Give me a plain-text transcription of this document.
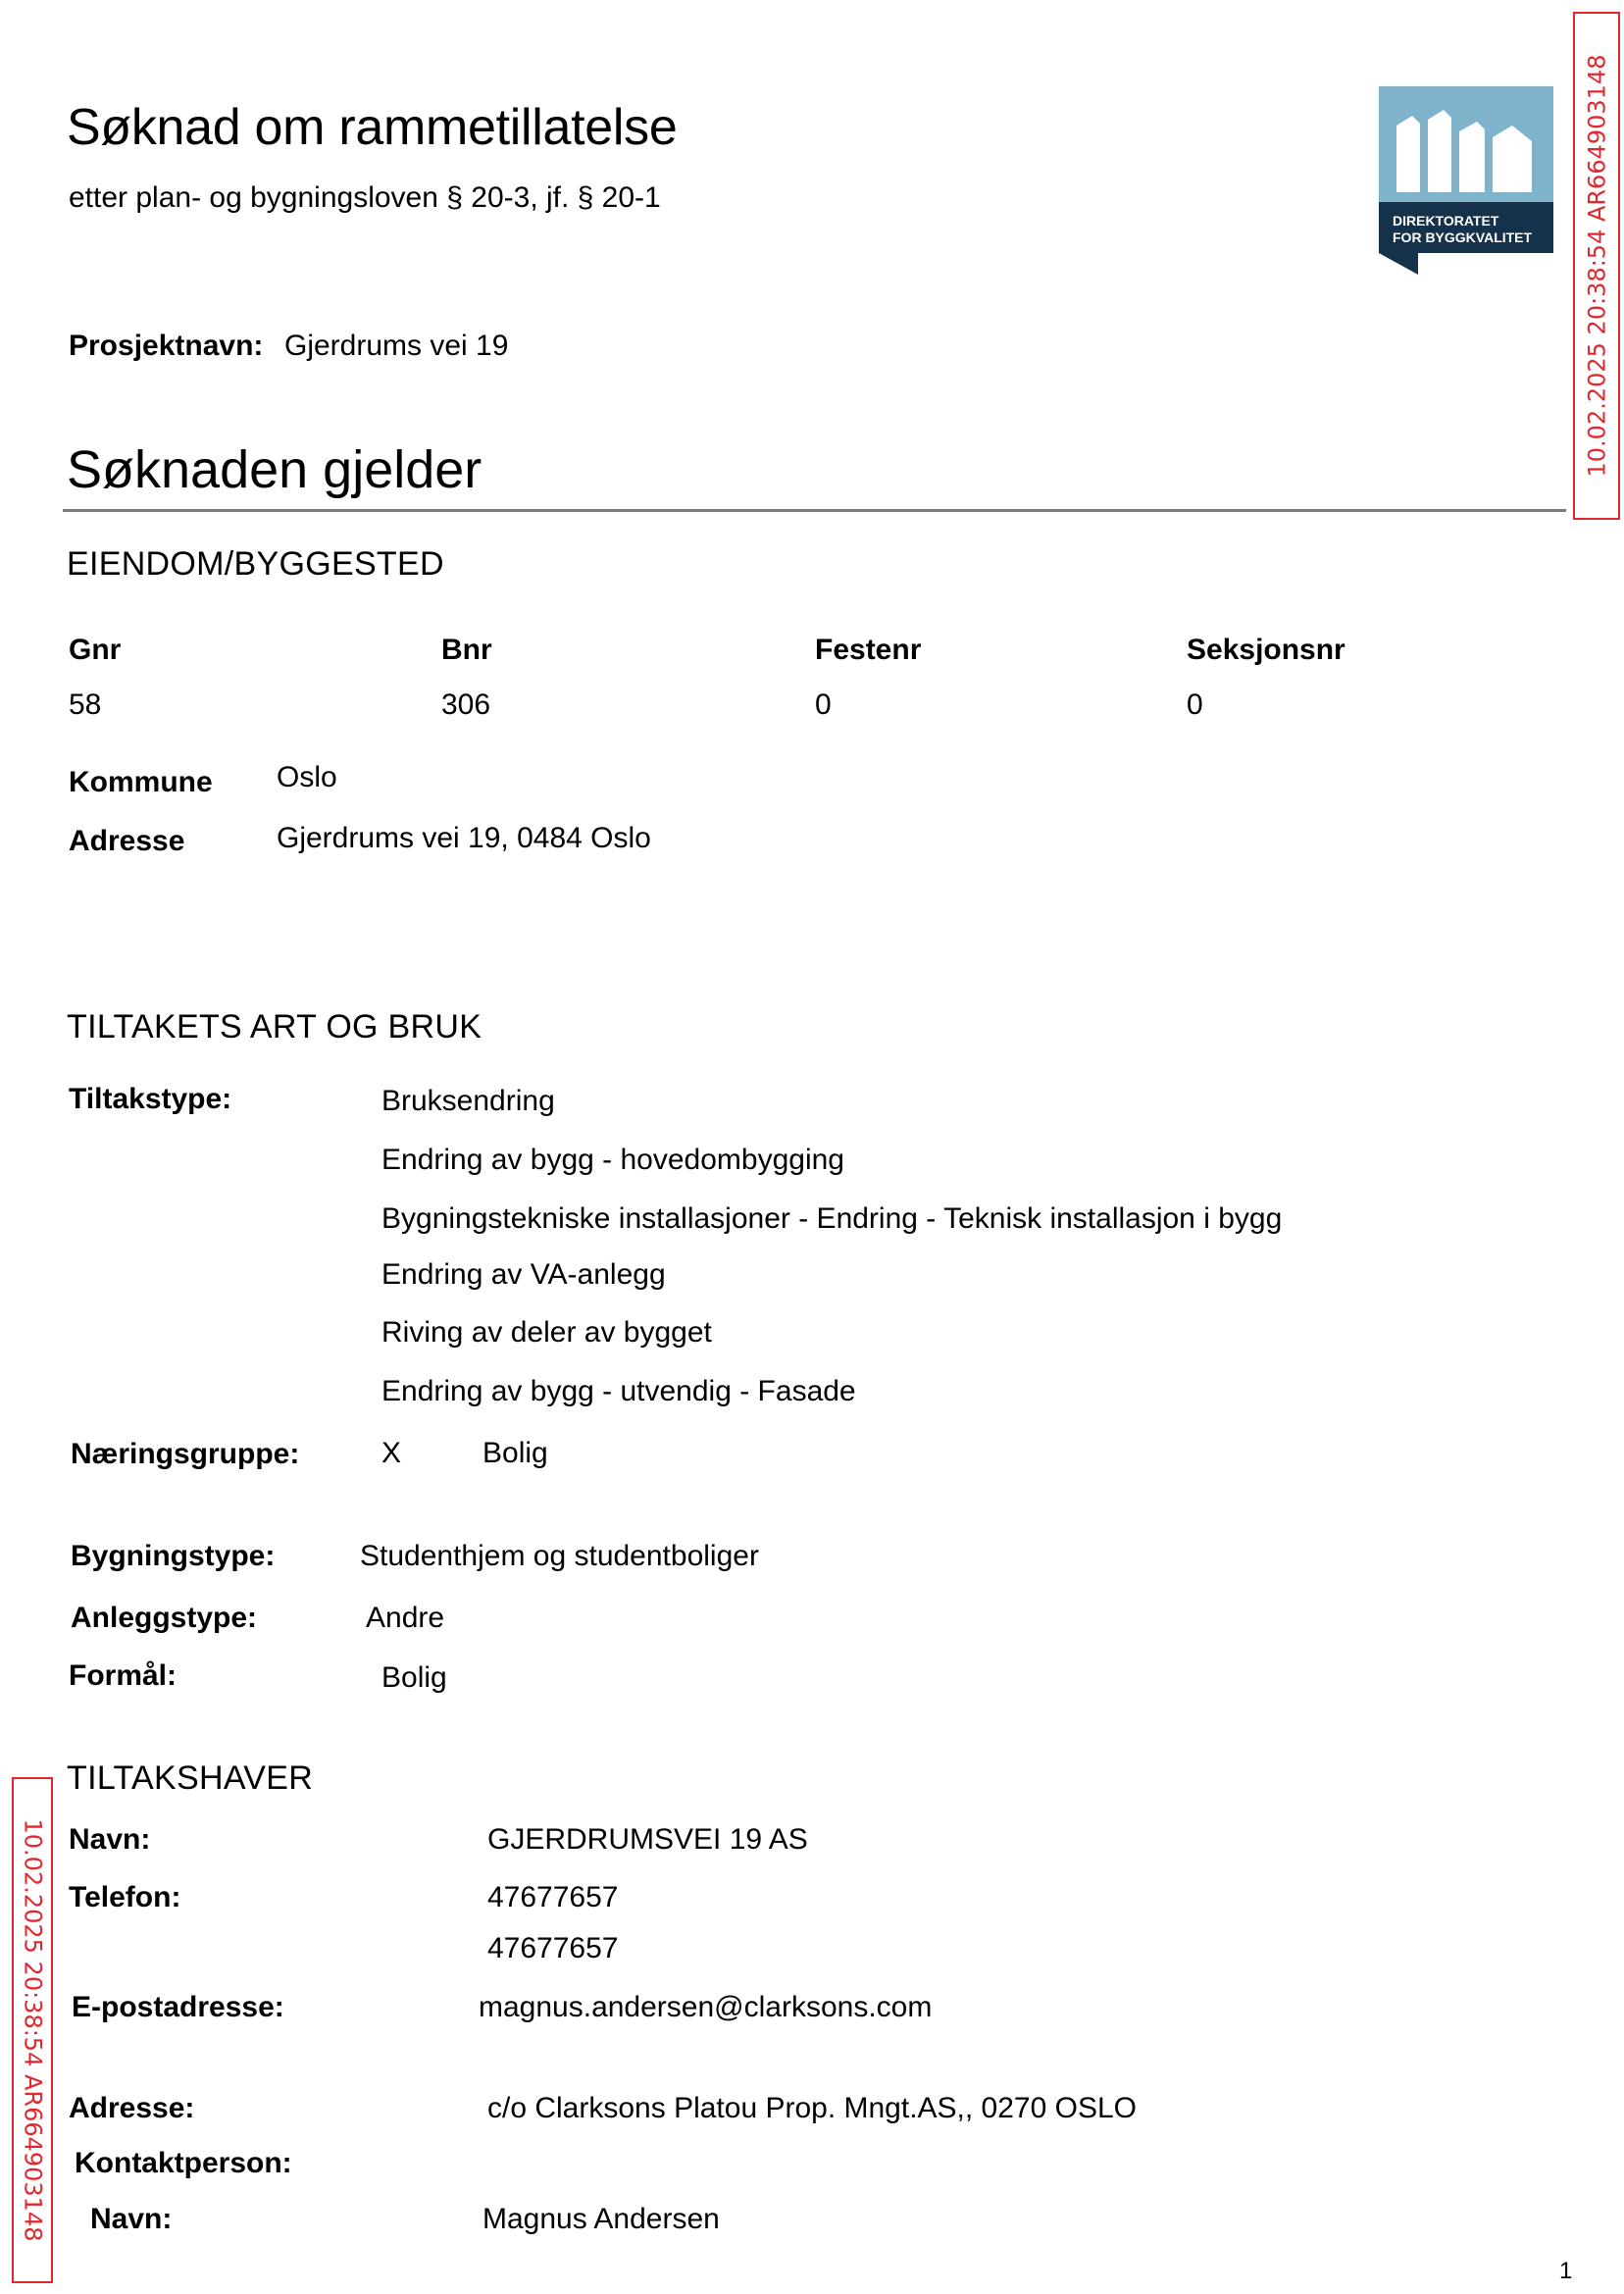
Søknad om rammetillatelse
etter plan- og bygningsloven § 20-3, jf. § 20-1
DIREKTORATET
FOR BYGGKVALITET 10.02.2025 20:38:54 AR664903148
10.02.2025 20:38:54 AR664903148
Prosjektnavn: Gjerdrums vei 19
Søknaden gjelder
EIENDOM/BYGGESTED
Gnr	Bnr	Festenr	Seksjonsnr
58	306	0	0
Kommune Oslo
Adresse	Gjerdrums vei 19, 0484 Oslo
TILTAKETS ART OG BRUK
Tiltakstype:	Bruksendring
Endring av bygg - hovedombygging
Bygningstekniske installasjoner - Endring - Teknisk installasjon i bygg
Endring av VA-anlegg
Riving av deler av bygget
Endring av bygg - utvendig - Fasade
Næringsgruppe:	X	Bolig
Bygningstype:	Studenthjem og studentboliger
Anleggstype:	Andre
Formål:	Bolig
TILTAKSHAVER
Navn:	GJERDRUMSVEI 19 AS
Telefon:	47677657
47677657
E-postadresse:	magnus.andersen@clarksons.com
Adresse:	c/o Clarksons Platou Prop. Mngt.AS,, 0270 OSLO
Kontaktperson:
Navn:	Magnus Andersen
1
